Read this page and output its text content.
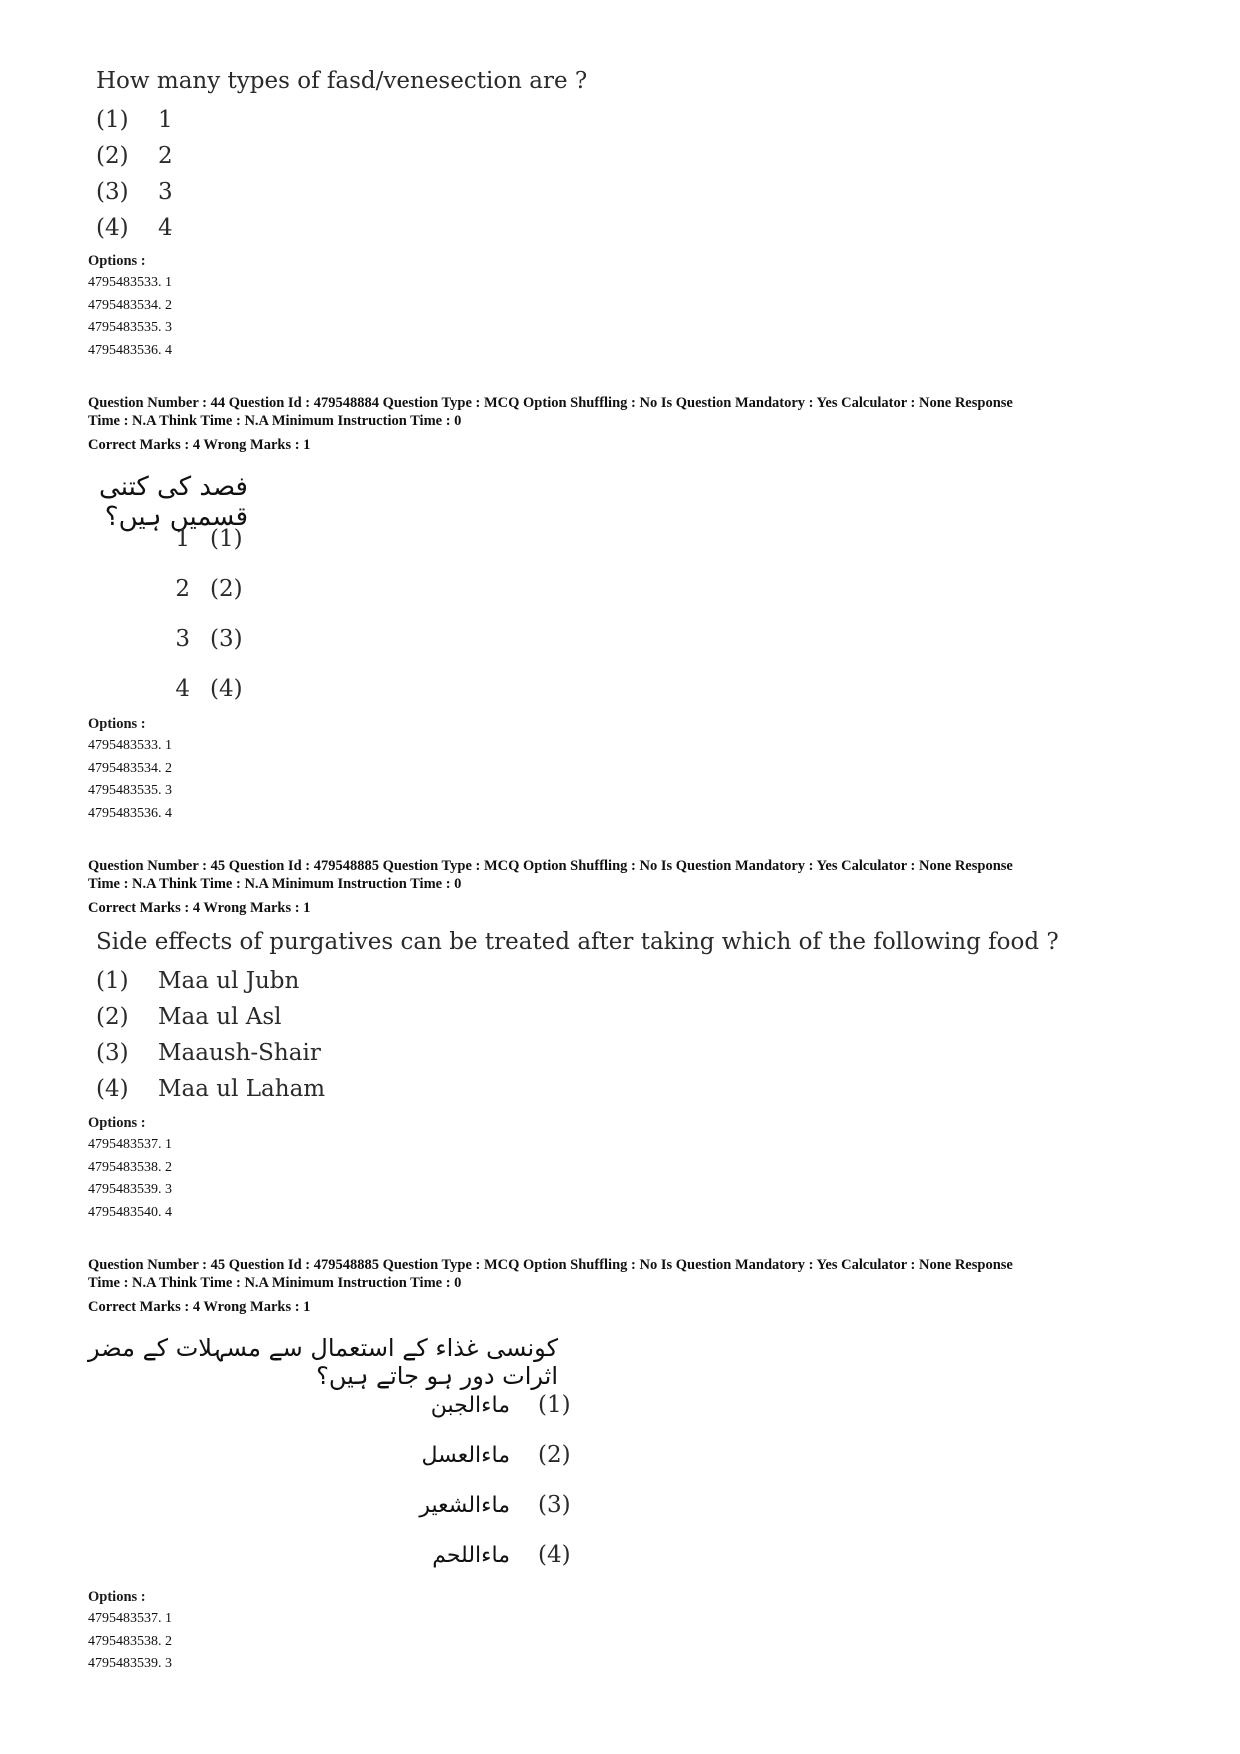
How many types of fasd/venesection are ?
(1)	1
(2)	2
(3)	3
(4)	4
Options :
4795483533. 1
4795483534. 2
4795483535. 3
4795483536. 4
Question Number : 44 Question Id : 479548884 Question Type : MCQ Option Shuffling : No Is Question Mandatory : Yes Calculator : None Response
Time : N.A Think Time : N.A Minimum Instruction Time : 0
Correct Marks : 4 Wrong Marks : 1
فصد کی کتنی قسمیں ہیں؟
1 (1)
2 (2)
3 (3)
4 (4)
Options :
4795483533. 1
4795483534. 2
4795483535. 3
4795483536. 4
Question Number : 45 Question Id : 479548885 Question Type : MCQ Option Shuffling : No Is Question Mandatory : Yes Calculator : None Response
Time : N.A Think Time : N.A Minimum Instruction Time : 0
Correct Marks : 4 Wrong Marks : 1
Side effects of purgatives can be treated after taking which of the following food ?
(1)	Maa ul Jubn
(2)	Maa ul Asl
(3)	Maaush-Shair
(4)	Maa ul Laham
Options :
4795483537. 1
4795483538. 2
4795483539. 3
4795483540. 4
Question Number : 45 Question Id : 479548885 Question Type : MCQ Option Shuffling : No Is Question Mandatory : Yes Calculator : None Response
Time : N.A Think Time : N.A Minimum Instruction Time : 0
Correct Marks : 4 Wrong Marks : 1
کونسی غذاء کے استعمال سے مسہلات کے مضر اثرات دور ہو جاتے ہیں؟
ماءالجبن (1)
ماءالعسل (2)
ماءالشعیر (3)
ماءاللحم (4)
Options :
4795483537. 1
4795483538. 2
4795483539. 3
